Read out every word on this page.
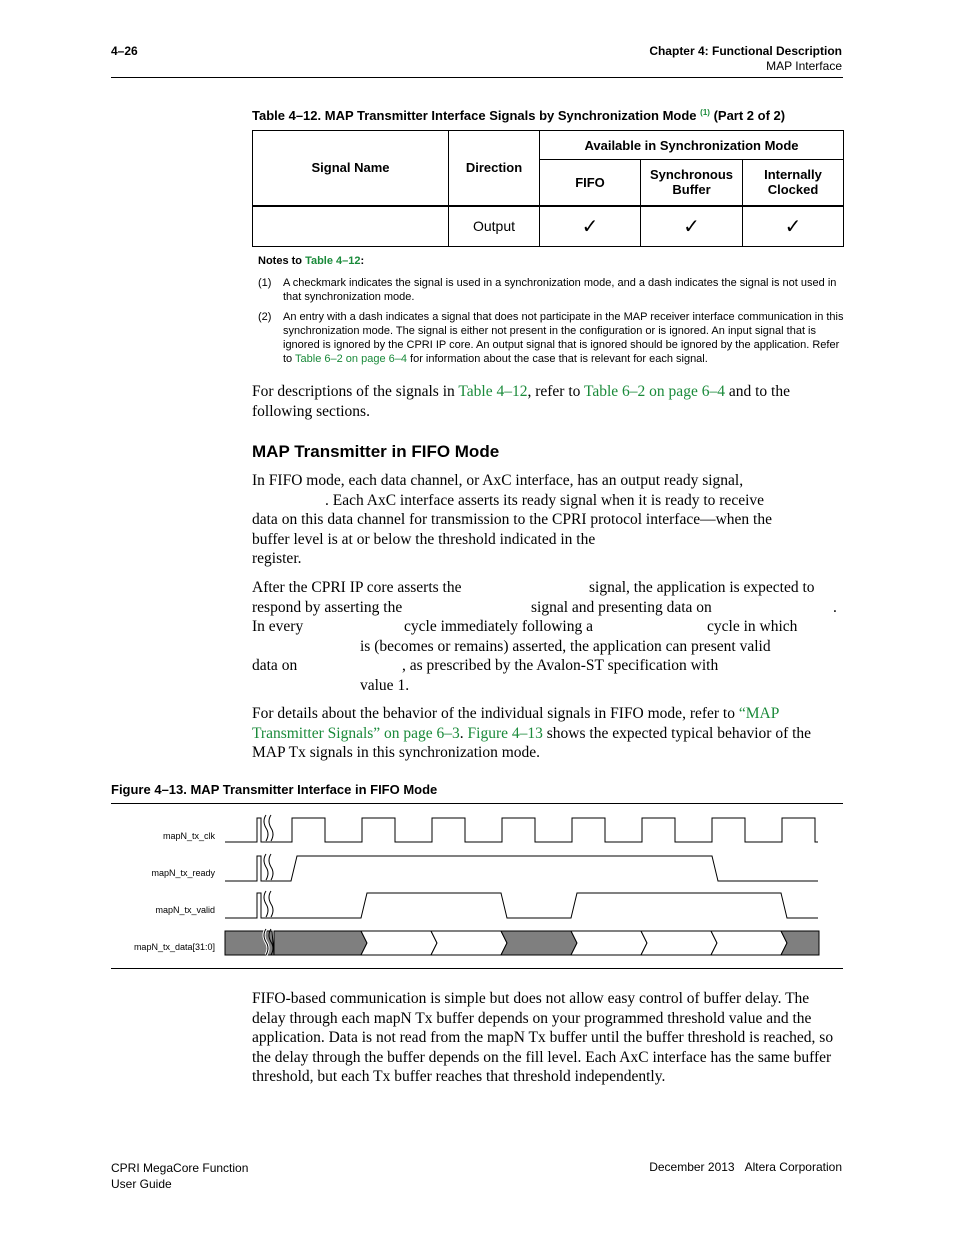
4–26	Chapter 4: Functional Description
MAP Interface
Table 4–12. MAP Transmitter Interface Signals by Synchronization Mode $^{(1)}$ (Part 2 of 2)
Signal Name	Direction	Available in Synchronization Mode		
		FIFO	Synchronous Buffer	Internally Clocked

	Output	✓	✓	✓
Notes to Table 4–12:
(1) A checkmark indicates the signal is used in a synchronization mode, and a dash indicates the signal is not used in that synchronization mode.
(2) An entry with a dash indicates a signal that does not participate in the MAP receiver interface communication in this synchronization mode. The signal is either not present in the configuration or is ignored. An input signal that is ignored is ignored by the CPRI IP core. An output signal that is ignored should be ignored by the application. Refer to Table 6–2 on page 6–4 for information about the case that is relevant for each signal.
For descriptions of the signals in Table 4–12, refer to Table 6–2 on page 6–4 and to the following sections.
MAP Transmitter in FIFO Mode
In FIFO mode, each data channel, or AxC interface, has an output ready signal,
. Each AxC interface asserts its ready signal when it is ready to receive
data on this data channel for transmission to the CPRI protocol interface—when the
buffer level is at or below the threshold indicated in the
register.
After the CPRI IP core asserts the	signal, the application is expected to
respond by asserting the	signal and presenting data on	.
In every	cycle immediately following a	cycle in which
is (becomes or remains) asserted, the application can present valid
data on	, as prescribed by the Avalon-ST specification with
value 1.
For details about the behavior of the individual signals in FIFO mode, refer to “MAP Transmitter Signals” on page 6–3. Figure 4–13 shows the expected typical behavior of the MAP Tx signals in this synchronization mode.
Figure 4–13. MAP Transmitter Interface in FIFO Mode
mapN_tx_clk
mapN_tx_ready
mapN_tx_valid
mapN_tx_data[31:0]
FIFO-based communication is simple but does not allow easy control of buffer delay. The delay through each mapN Tx buffer depends on your programmed threshold value and the application. Data is not read from the mapN Tx buffer until the buffer threshold is reached, so the delay through the buffer depends on the fill level. Each AxC interface has the same buffer threshold, but each Tx buffer reaches that threshold independently.
CPRI MegaCore Function
User Guide
December 2013 Altera Corporation
